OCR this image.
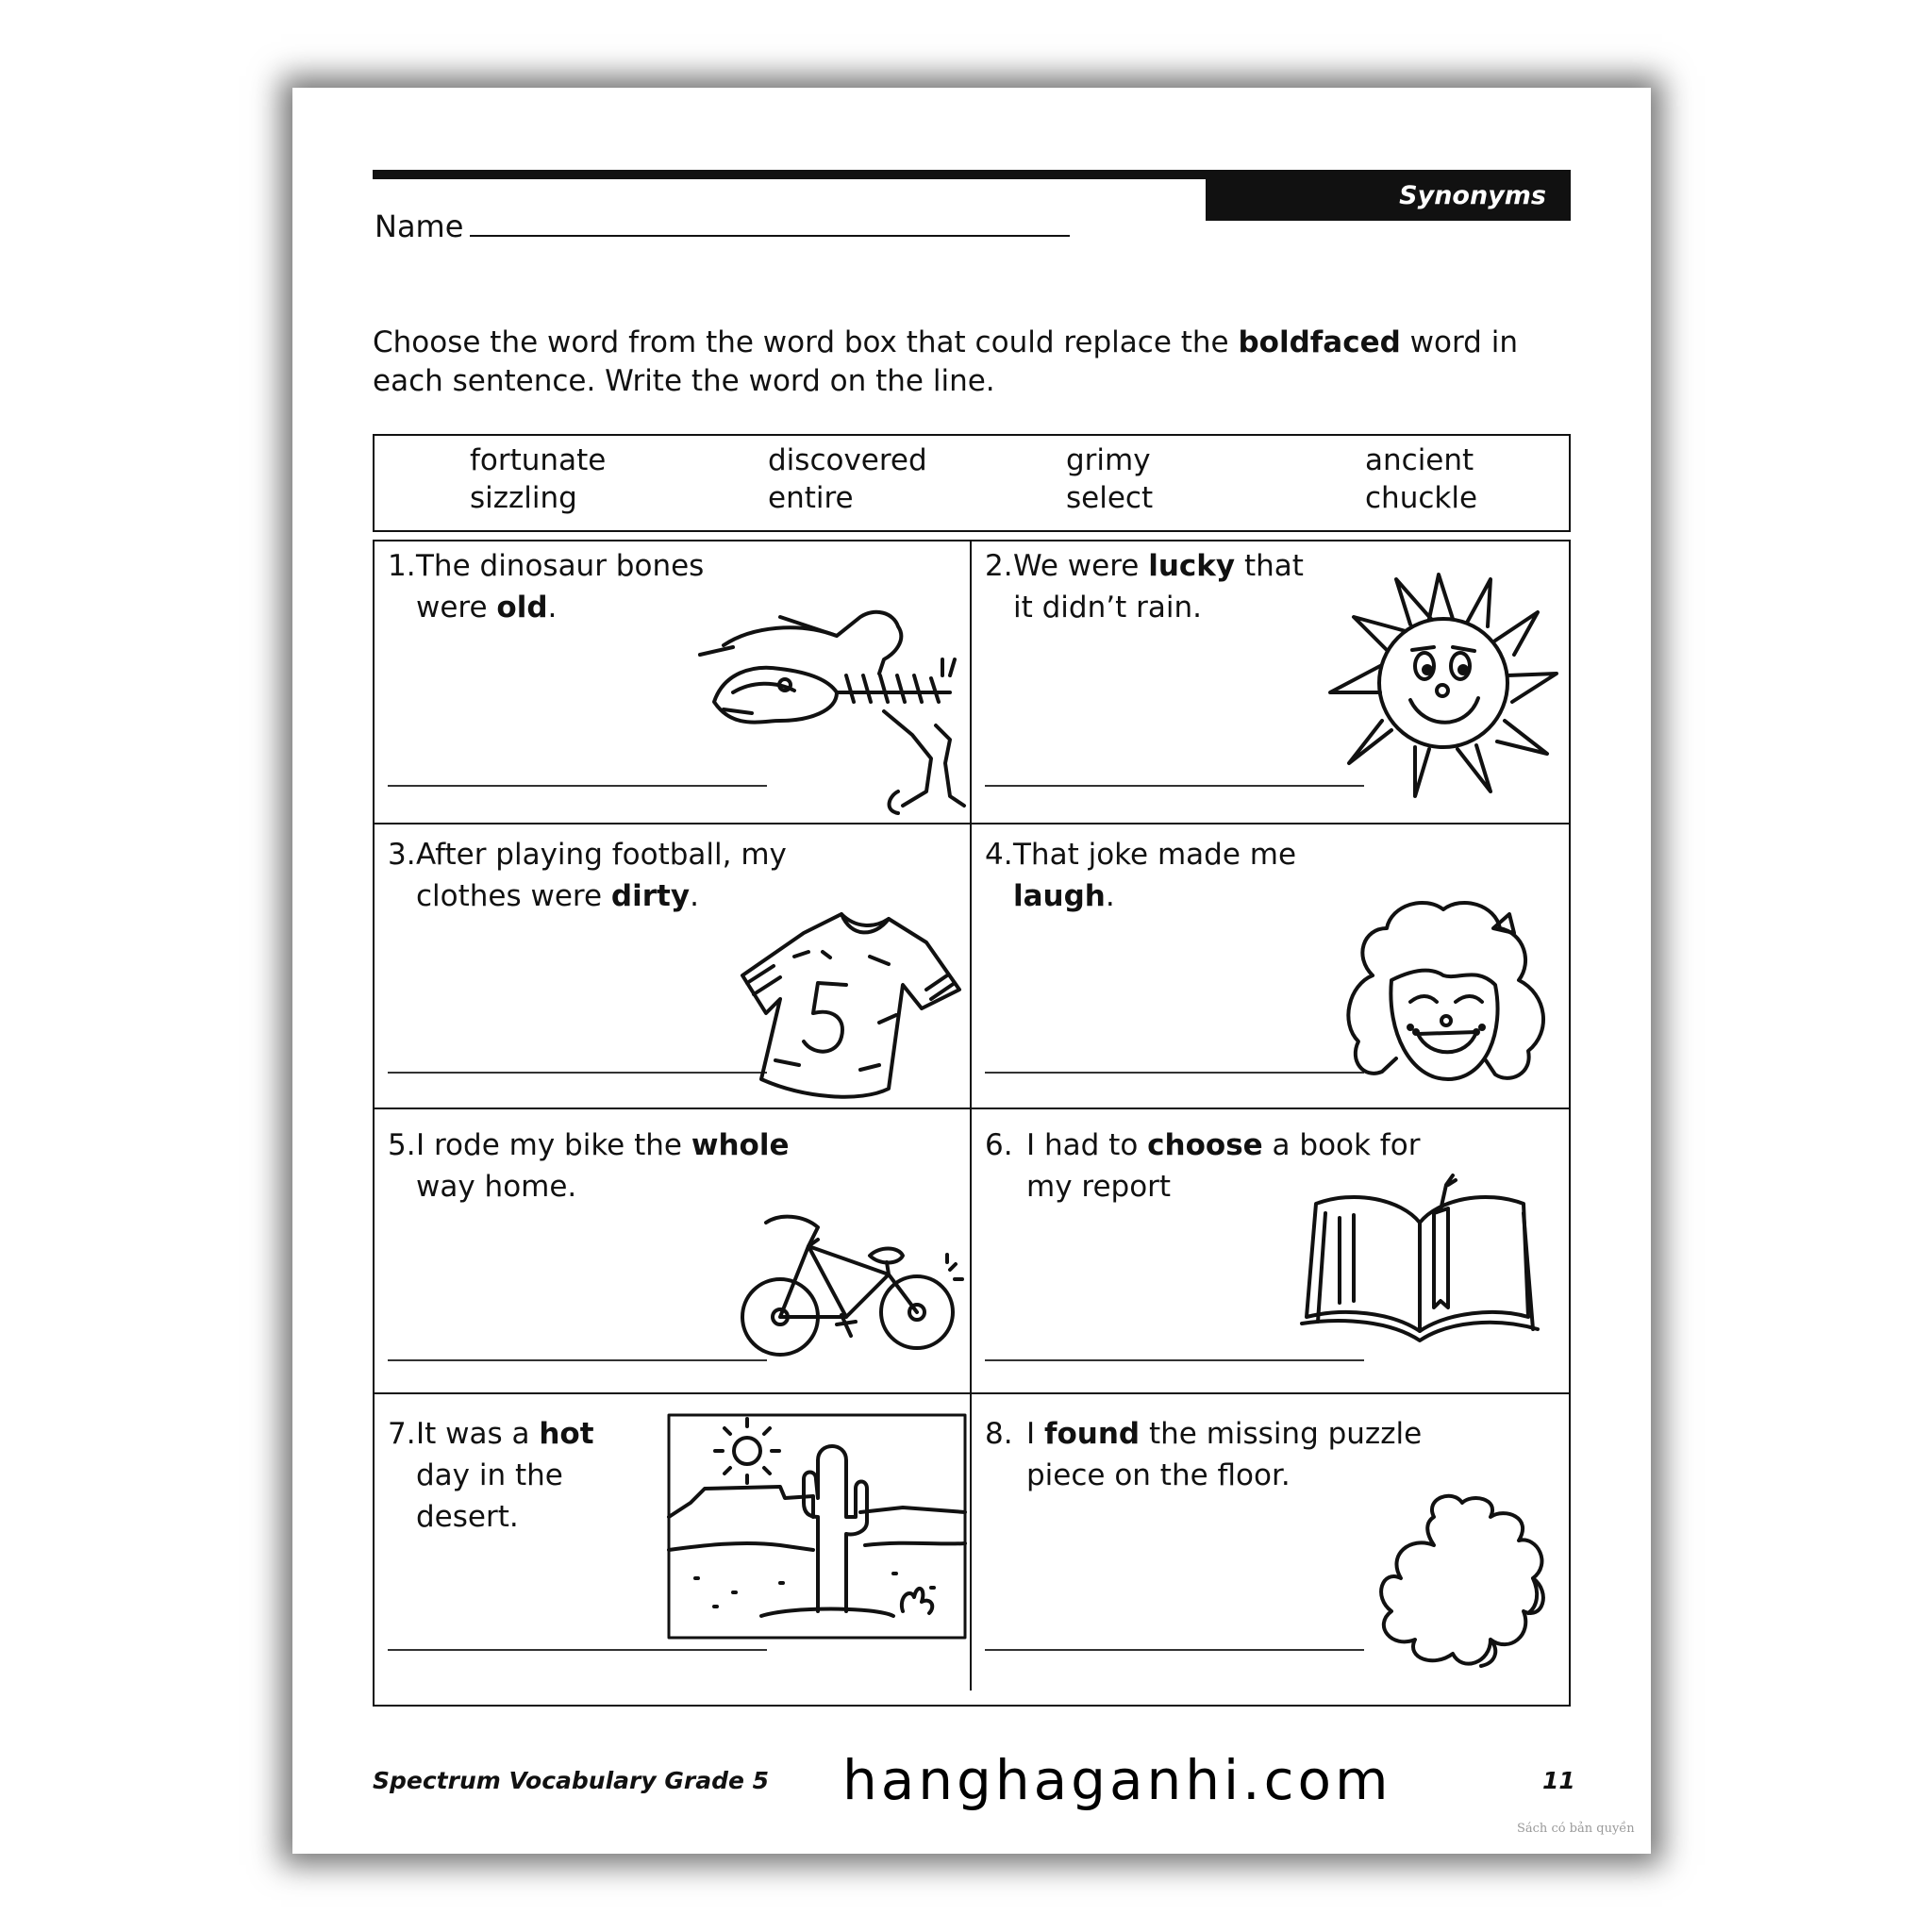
Synonyms
Name
Choose the word from the word box that could replace the boldfaced word in each sentence. Write the word on the line.
fortunate	discovered	grimy	ancient
sizzling	entire	select	chuckle
1. The dinosaur bones were old.
2. We were lucky that it didn’t rain.
3. After playing football, my clothes were dirty.
4. That joke made me laugh.
5. I rode my bike the whole way home.
6. I had to choose a book for my report
7. It was a hot day in the desert.
8. I found the missing puzzle piece on the floor.
Spectrum Vocabulary Grade 5 hanghaganhi.com	11
Sách có bản quyền
